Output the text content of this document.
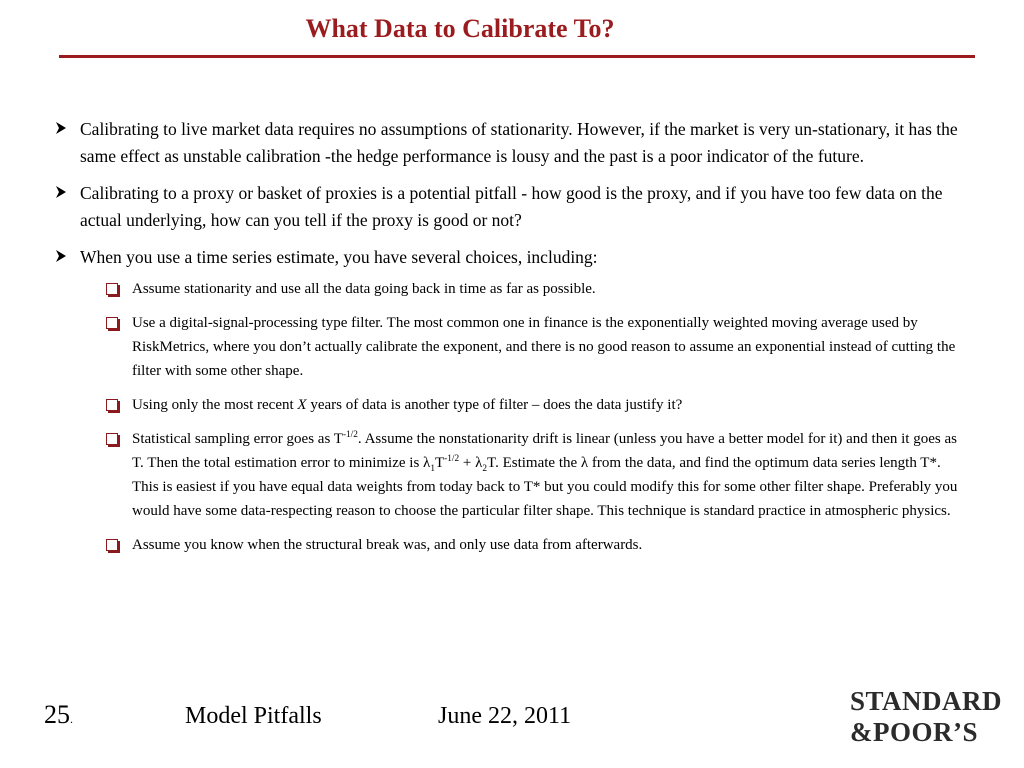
What Data to Calibrate To?
Calibrating to live market data requires no assumptions of stationarity. However, if the market is very un-stationary, it has the same effect as unstable calibration -the hedge performance is lousy and the past is a poor indicator of the future.
Calibrating to a proxy or basket of proxies is a potential pitfall - how good is the proxy, and if you have too few data on the actual underlying, how can you tell if the proxy is good or not?
When you use a time series estimate, you have several choices, including:
Assume stationarity and use all the data going back in time as far as possible.
Use a digital-signal-processing type filter. The most common one in finance is the exponentially weighted moving average used by RiskMetrics, where you don’t actually calibrate the exponent, and there is no good reason to assume an exponential instead of cutting the filter with some other shape.
Using only the most recent X years of data is another type of filter – does the data justify it?
Statistical sampling error goes as $T^{-1/2}$. Assume the nonstationarity drift is linear (unless you have a better model for it) and then it goes as T. Then the total estimation error to minimize is $\lambda_1T^{-1/2} + \lambda_2T$. Estimate the λ from the data, and find the optimum data series length T*. This is easiest if you have equal data weights from today back to T* but you could modify this for some other filter shape. Preferably you would have some data-respecting reason to choose the particular filter shape. This technique is standard practice in atmospheric physics.
Assume you know when the structural break was, and only use data from afterwards.
25.	Model Pitfalls	June 22, 2011	STANDARD
&POOR’S
